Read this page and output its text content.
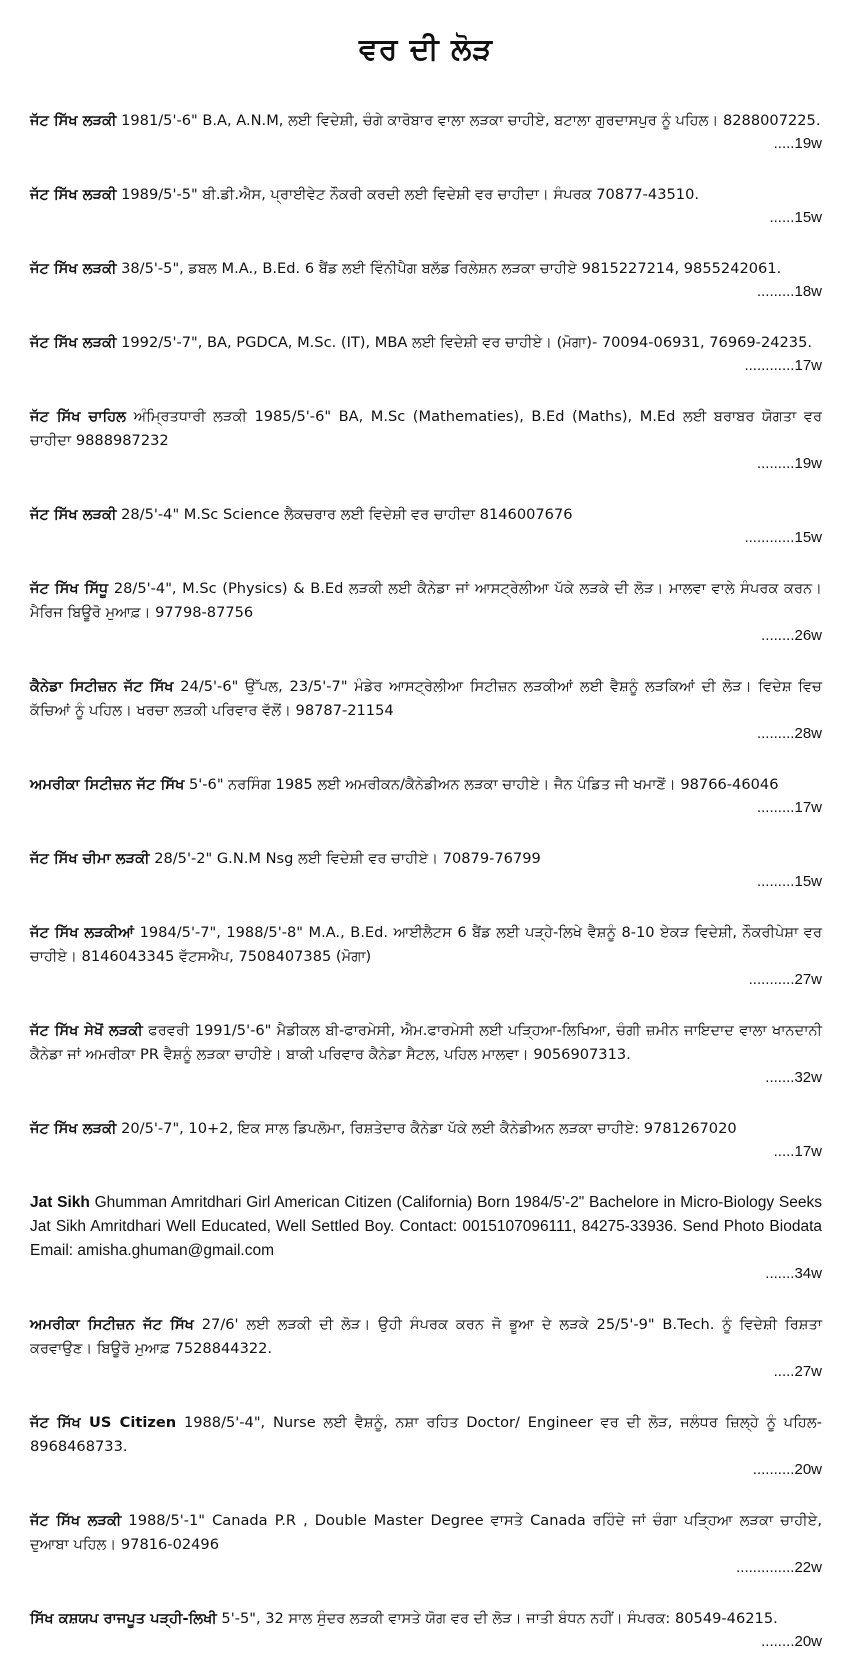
ਵਰ ਦੀ ਲੋੜ
ਜੱਟ ਸਿੱਖ ਲੜਕੀ 1981/5'-6" B.A, A.N.M, ਲਈ ਵਿਦੇਸ਼ੀ, ਚੰਗੇ ਕਾਰੋਬਾਰ ਵਾਲਾ ਲੜਕਾ ਚਾਹੀਏ, ਬਟਾਲਾ ਗੁਰਦਾਸਪੁਰ ਨੂੰ ਪਹਿਲ। 8288007225.
.....19w
ਜੱਟ ਸਿੱਖ ਲੜਕੀ 1989/5'-5" ਬੀ.ਡੀ.ਐਸ, ਪ੍ਰਾਈਵੇਟ ਨੌਕਰੀ ਕਰਦੀ ਲਈ ਵਿਦੇਸ਼ੀ ਵਰ ਚਾਹੀਦਾ। ਸੰਪਰਕ 70877-43510.
......15w
ਜੱਟ ਸਿੱਖ ਲੜਕੀ 38/5'-5", ਡਬਲ M.A., B.Ed. 6 ਬੈਂਡ ਲਈ ਵਿੰਨੀਪੈਗ ਬਲੱਡ ਰਿਲੇਸ਼ਨ ਲੜਕਾ ਚਾਹੀਏ 9815227214, 9855242061.
.........18w
ਜੱਟ ਸਿੱਖ ਲੜਕੀ 1992/5'-7", BA, PGDCA, M.Sc. (IT), MBA ਲਈ ਵਿਦੇਸ਼ੀ ਵਰ ਚਾਹੀਏ। (ਮੋਗਾ)- 70094-06931, 76969-24235.
............17w
ਜੱਟ ਸਿੱਖ ਚਾਹਿਲ ਅੰਮ੍ਰਿਤਧਾਰੀ ਲੜਕੀ 1985/5'-6" BA, M.Sc (Mathematies), B.Ed (Maths), M.Ed ਲਈ ਬਰਾਬਰ ਯੋਗਤਾ ਵਰ ਚਾਹੀਦਾ 9888987232
.........19w
ਜੱਟ ਸਿੱਖ ਲੜਕੀ 28/5'-4" M.Sc Science ਲੈਕਚਰਾਰ ਲਈ ਵਿਦੇਸ਼ੀ ਵਰ ਚਾਹੀਦਾ 8146007676
............15w
ਜੱਟ ਸਿੱਖ ਸਿੱਧੂ 28/5'-4", M.Sc (Physics) & B.Ed ਲੜਕੀ ਲਈ ਕੈਨੇਡਾ ਜਾਂ ਆਸਟ੍ਰੇਲੀਆ ਪੱਕੇ ਲੜਕੇ ਦੀ ਲੋੜ। ਮਾਲਵਾ ਵਾਲੇ ਸੰਪਰਕ ਕਰਨ। ਮੈਰਿਜ ਬਿਊਰੋ ਮੁਆਫ਼। 97798-87756
........26w
ਕੈਨੇਡਾ ਸਿਟੀਜ਼ਨ ਜੱਟ ਸਿੱਖ 24/5'-6" ਉੱਪਲ, 23/5'-7" ਮੰਡੇਰ ਆਸਟ੍ਰੇਲੀਆ ਸਿਟੀਜ਼ਨ ਲੜਕੀਆਂ ਲਈ ਵੈਸ਼ਨੂੰ ਲੜਕਿਆਂ ਦੀ ਲੋੜ। ਵਿਦੇਸ਼ ਵਿਚ ਕੱਚਿਆਂ ਨੂੰ ਪਹਿਲ। ਖਰਚਾ ਲੜਕੀ ਪਰਿਵਾਰ ਵੱਲੋਂ। 98787-21154
.........28w
ਅਮਰੀਕਾ ਸਿਟੀਜ਼ਨ ਜੱਟ ਸਿੱਖ 5'-6" ਨਰਸਿੰਗ 1985 ਲਈ ਅਮਰੀਕਨ/ਕੈਨੇਡੀਅਨ ਲੜਕਾ ਚਾਹੀਏ। ਜੈਨ ਪੰਡਿਤ ਜੀ ਖਮਾਣੋਂ। 98766-46046
.........17w
ਜੱਟ ਸਿੱਖ ਚੀਮਾ ਲੜਕੀ 28/5'-2" G.N.M Nsg ਲਈ ਵਿਦੇਸ਼ੀ ਵਰ ਚਾਹੀਏ। 70879-76799
.........15w
ਜੱਟ ਸਿੱਖ ਲੜਕੀਆਂ 1984/5'-7", 1988/5'-8" M.A., B.Ed. ਆਈਲੈਟਸ 6 ਬੈਂਡ ਲਈ ਪੜ੍ਹੇ-ਲਿਖੇ ਵੈਸ਼ਨੂੰ 8-10 ਏਕੜ ਵਿਦੇਸ਼ੀ, ਨੌਕਰੀਪੇਸ਼ਾ ਵਰ ਚਾਹੀਏ। 8146043345 ਵੱਟਸਐਪ, 7508407385 (ਮੋਗਾ)
...........27w
ਜੱਟ ਸਿੱਖ ਸੇਖੋਂ ਲੜਕੀ ਫਰਵਰੀ 1991/5'-6" ਮੈਡੀਕਲ ਬੀ-ਫਾਰਮੇਸੀ, ਐਮ.ਫਾਰਮੇਸੀ ਲਈ ਪੜ੍ਹਿਆ-ਲਿਖਿਆ, ਚੰਗੀ ਜ਼ਮੀਨ ਜਾਇਦਾਦ ਵਾਲਾ ਖਾਨਦਾਨੀ ਕੈਨੇਡਾ ਜਾਂ ਅਮਰੀਕਾ PR ਵੈਸ਼ਨੂੰ ਲੜਕਾ ਚਾਹੀਏ। ਬਾਕੀ ਪਰਿਵਾਰ ਕੈਨੇਡਾ ਸੈਟਲ, ਪਹਿਲ ਮਾਲਵਾ। 9056907313.
.......32w
ਜੱਟ ਸਿੱਖ ਲੜਕੀ 20/5'-7", 10+2, ਇਕ ਸਾਲ ਡਿਪਲੋਮਾ, ਰਿਸ਼ਤੇਦਾਰ ਕੈਨੇਡਾ ਪੱਕੇ ਲਈ ਕੈਨੇਡੀਅਨ ਲੜਕਾ ਚਾਹੀਏ: 9781267020
.....17w
Jat Sikh Ghumman Amritdhari Girl American Citizen (California) Born 1984/5'-2" Bachelore in Micro-Biology Seeks Jat Sikh Amritdhari Well Educated, Well Settled Boy. Contact: 0015107096111, 84275-33936. Send Photo Biodata Email: amisha.ghuman@gmail.com
.......34w
ਅਮਰੀਕਾ ਸਿਟੀਜ਼ਨ ਜੱਟ ਸਿੱਖ 27/6' ਲਈ ਲੜਕੀ ਦੀ ਲੋੜ। ਉਹੀ ਸੰਪਰਕ ਕਰਨ ਜੋ ਭੂਆ ਦੇ ਲੜਕੇ 25/5'-9" B.Tech. ਨੂੰ ਵਿਦੇਸ਼ੀ ਰਿਸ਼ਤਾ ਕਰਵਾਉਣ। ਬਿਊਰੋ ਮੁਆਫ਼ 7528844322.
.....27w
ਜੱਟ ਸਿੱਖ US Citizen 1988/5'-4", Nurse ਲਈ ਵੈਸ਼ਨੂੰ, ਨਸ਼ਾ ਰਹਿਤ Doctor/ Engineer ਵਰ ਦੀ ਲੋੜ, ਜਲੰਧਰ ਜ਼ਿਲ੍ਹੇ ਨੂੰ ਪਹਿਲ- 8968468733.
..........20w
ਜੱਟ ਸਿੱਖ ਲੜਕੀ 1988/5'-1" Canada P.R , Double Master Degree ਵਾਸਤੇ Canada ਰਹਿੰਦੇ ਜਾਂ ਚੰਗਾ ਪੜ੍ਹਿਆ ਲੜਕਾ ਚਾਹੀਏ, ਦੁਆਬਾ ਪਹਿਲ। 97816-02496
..............22w
ਸਿੱਖ ਕਸ਼ਯਪ ਰਾਜਪੂਤ ਪੜ੍ਹੀ-ਲਿਖੀ 5'-5", 32 ਸਾਲ ਸੁੰਦਰ ਲੜਕੀ ਵਾਸਤੇ ਯੋਗ ਵਰ ਦੀ ਲੋੜ। ਜਾਤੀ ਬੰਧਨ ਨਹੀਂ। ਸੰਪਰਕ: 80549-46215.
........20w
